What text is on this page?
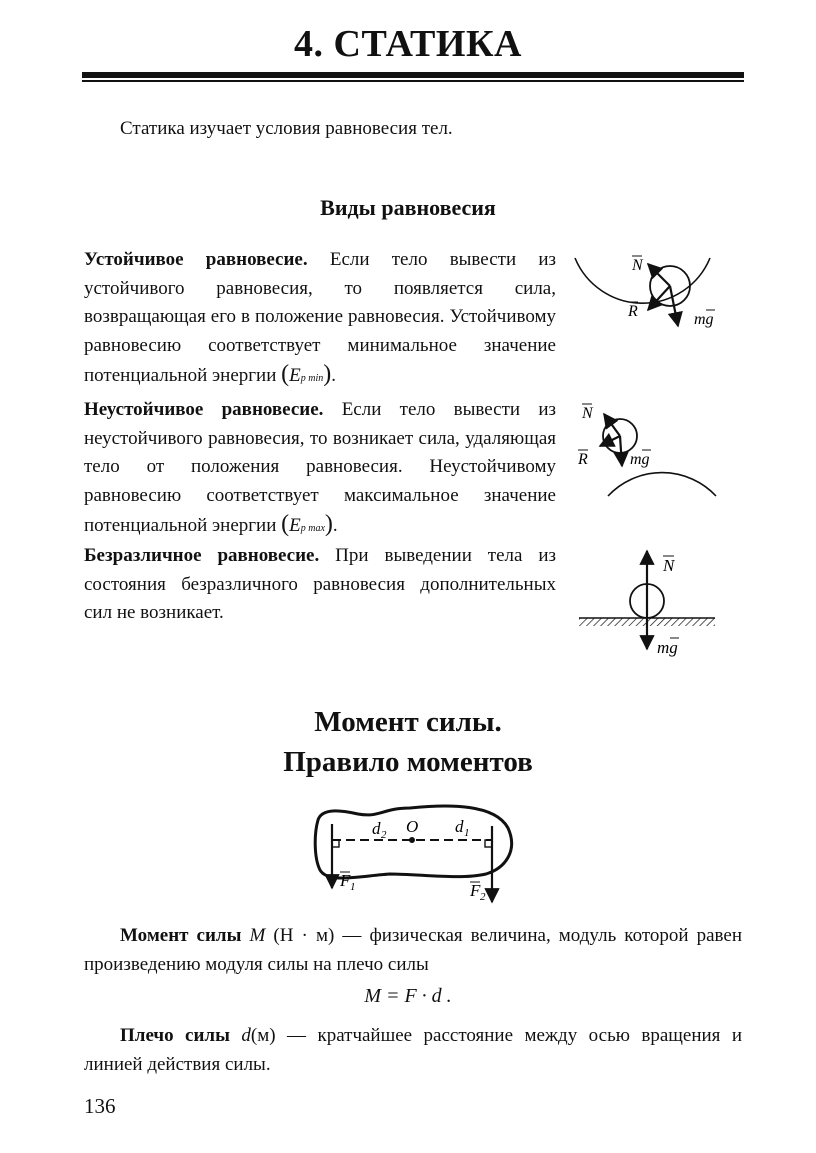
4. СТАТИКА
Статика изучает условия равновесия тел.
Виды равновесия
Устойчивое равновесие. Если тело вывести из устойчивого равновесия, то появляется сила, возвращающая его в положение равновесия. Устойчивому равновесию соответствует минимальное значение потенциальной энергии (Ep min).
N
R	mg
Неустойчивое равновесие. Если тело вывести из неустойчивого равновесия, то возникает сила, удаляющая тело от положения равновесия. Неустойчивому равновесию соответствует максимальное значение потенциальной энергии (Ep max).
N
R	mg
Безразличное равновесие. При выведении тела из состояния безразличного равновесия дополнительных сил не возникает.
N
mg
Момент силы.
Правило моментов
d 2 O d 1
F 1	F 2
Момент силы M (Н · м) — физическая величина, модуль которой равен произведению модуля силы на плечо силы
M = F · d .
Плечо силы d(м) — кратчайшее расстояние между осью вращения и линией действия силы.
136
